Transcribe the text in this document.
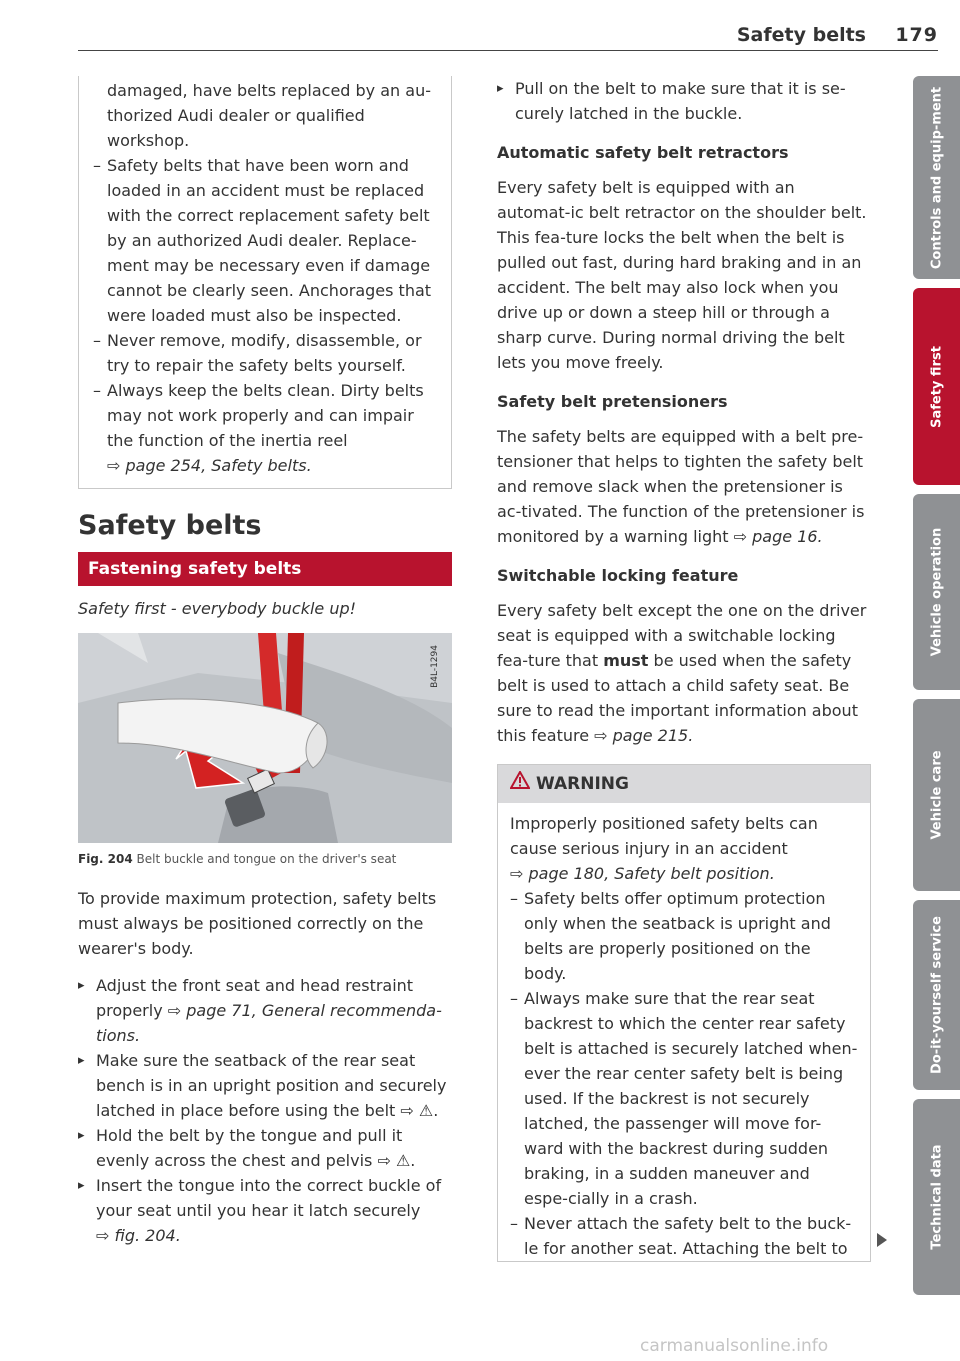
Safety belts 179

damaged, have belts replaced by an au-thorized Audi dealer or qualified workshop.

– Safety belts that have been worn and loaded in an accident must be replaced with the correct replacement safety belt by an authorized Audi dealer. Replace-ment may be necessary even if damage cannot be clearly seen. Anchorages that were loaded must also be inspected.
– Never remove, modify, disassemble, or try to repair the safety belts yourself.
– Always keep the belts clean. Dirty belts may not work properly and can impair the function of the inertia reel
⇨ page 254, Safety belts.
Safety belts
Fastening safety belts
Safety first - everybody buckle up!
B4L-1294
Fig. 204 Belt buckle and tongue on the driver's seat

To provide maximum protection, safety belts must always be positioned correctly on the wearer's body.

▸ Adjust the front seat and head restraint properly ⇨ page 71, General recommenda-tions.
▸ Make sure the seatback of the rear seat bench is in an upright position and securely latched in place before using the belt ⇨ ⚠.
▸ Hold the belt by the tongue and pull it evenly across the chest and pelvis ⇨ ⚠.
▸ Insert the tongue into the correct buckle of your seat until you hear it latch securely
⇨ fig. 204.
▸ Pull on the belt to make sure that it is se-curely latched in the buckle.
Automatic safety belt retractors

Every safety belt is equipped with an automat-ic belt retractor on the shoulder belt. This fea-ture locks the belt when the belt is pulled out fast, during hard braking and in an accident. The belt may also lock when you drive up or down a steep hill or through a sharp curve. During normal driving the belt lets you move freely.

Safety belt pretensioners

The safety belts are equipped with a belt pre-tensioner that helps to tighten the safety belt and remove slack when the pretensioner is ac-tivated. The function of the pretensioner is monitored by a warning light ⇨ page 16.

Switchable locking feature

Every safety belt except the one on the driver seat is equipped with a switchable locking fea-ture that must be used when the safety belt is used to attach a child safety seat. Be sure to read the important information about this feature ⇨ page 215.

WARNING

Improperly positioned safety belts can cause serious injury in an accident
⇨ page 180, Safety belt position.

– Safety belts offer optimum protection only when the seatback is upright and belts are properly positioned on the body.
– Always make sure that the rear seat backrest to which the center rear safety belt is attached is securely latched when-ever the rear center safety belt is being used. If the backrest is not securely latched, the passenger will move for-ward with the backrest during sudden braking, in a sudden maneuver and espe-cially in a crash.
– Never attach the safety belt to the buck-le for another seat. Attaching the belt to
Controls and equip-ment
Safety first
Vehicle operation
Vehicle care
Do-it-yourself service
Technical data
carmanualsonline.info
